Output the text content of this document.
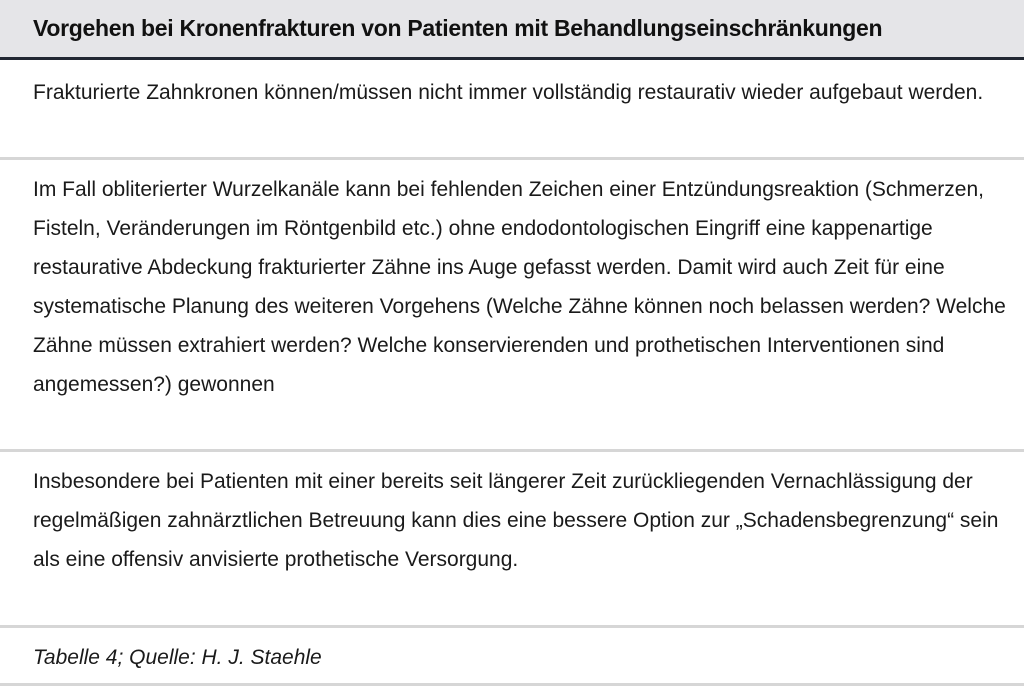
Vorgehen bei Kronenfrakturen von Patienten mit Behandlungseinschränkungen
Frakturierte Zahnkronen können/müssen nicht immer vollständig restaurativ wieder aufgebaut werden.
Im Fall obliterierter Wurzelkanäle kann bei fehlenden Zeichen einer Entzündungsreaktion (Schmerzen, Fisteln, Veränderungen im Röntgenbild etc.) ohne endodontologischen Eingriff eine kappenartige restaurative Abdeckung frakturierter Zähne ins Auge gefasst werden. Damit wird auch Zeit für eine systematische Planung des weiteren Vorgehens (Welche Zähne können noch belassen werden? Welche Zähne müssen extrahiert werden? Welche konservierenden und prothetischen Interventionen sind angemessen?) gewonnen
Insbesondere bei Patienten mit einer bereits seit längerer Zeit zurückliegenden Vernachlässigung der regelmäßigen zahnärztlichen Betreuung kann dies eine bessere Option zur „Schadensbegrenzung“ sein als eine offensiv anvisierte prothetische Versorgung.
Tabelle 4; Quelle: H. J. Staehle
